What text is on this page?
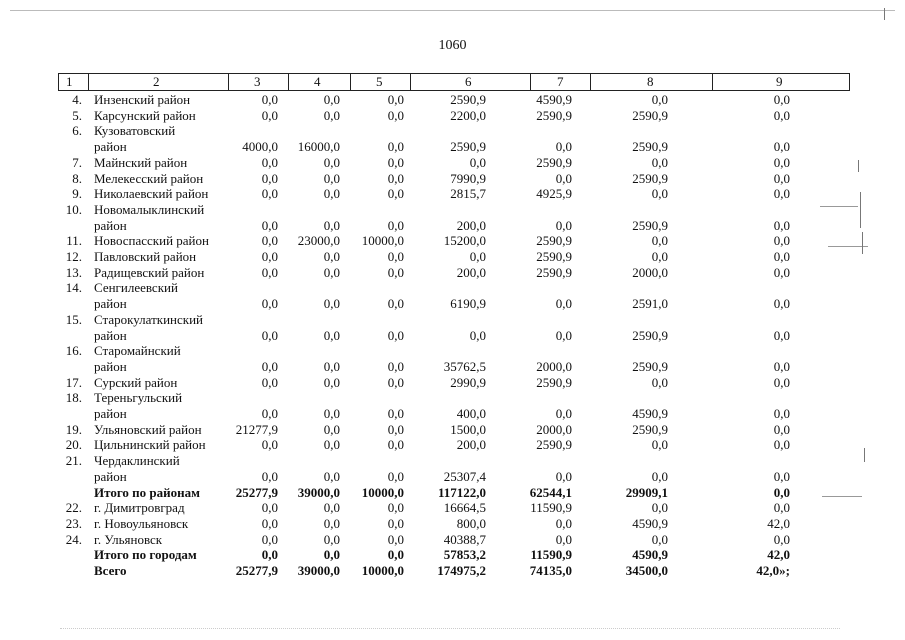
1060
1	2	3	4	5	6	7	8	9
4. Инзенский район	0,0	0,0	0,0	2590,9	4590,9	0,0	0,0
5. Карсунский район	0,0	0,0	0,0	2200,0	2590,9	2590,9	0,0
6. Кузоватовский
район	4000,0 16000,0	0,0	2590,9	0,0	2590,9	0,0
7. Майнский район	0,0	0,0	0,0	0,0	2590,9	0,0	0,0
8. Мелекесский район	0,0	0,0	0,0	7990,9	0,0	2590,9	0,0
9. Николаевский район	0,0	0,0	0,0	2815,7	4925,9	0,0	0,0
10. Новомалыклинский
район	0,0	0,0	0,0	200,0	0,0	2590,9	0,0
11. Новоспасский район	0,0 23000,0 10000,0	15200,0	2590,9	0,0	0,0
12. Павловский район	0,0	0,0	0,0	0,0	2590,9	0,0	0,0
13. Радищевский район	0,0	0,0	0,0	200,0	2590,9	2000,0	0,0
14. Сенгилеевский
район	0,0	0,0	0,0	6190,9	0,0	2591,0	0,0
15. Старокулаткинский
район	0,0	0,0	0,0	0,0	0,0	2590,9	0,0
16. Старомайнский
район	0,0	0,0	0,0	35762,5	2000,0	2590,9	0,0
17. Сурский район	0,0	0,0	0,0	2990,9	2590,9	0,0	0,0
18. Тереньгульский
район	0,0	0,0	0,0	400,0	0,0	4590,9	0,0
19. Ульяновский район	21277,9	0,0	0,0	1500,0	2000,0	2590,9	0,0
20. Цильнинский район	0,0	0,0	0,0	200,0	2590,9	0,0	0,0
21. Чердаклинский
район	0,0	0,0	0,0	25307,4	0,0	0,0	0,0
Итого по районам	25277,9 39000,0 10000,0	117122,0	62544,1	29909,1	0,0
22. г. Димитровград	0,0	0,0	0,0	16664,5	11590,9	0,0	0,0
23. г. Новоульяновск	0,0	0,0	0,0	800,0	0,0	4590,9	42,0
24. г. Ульяновск	0,0	0,0	0,0	40388,7	0,0	0,0	0,0
Итого по городам	0,0	0,0	0,0	57853,2	11590,9	4590,9	42,0
Всего	25277,9 39000,0 10000,0	174975,2	74135,0	34500,0	42,0»;
